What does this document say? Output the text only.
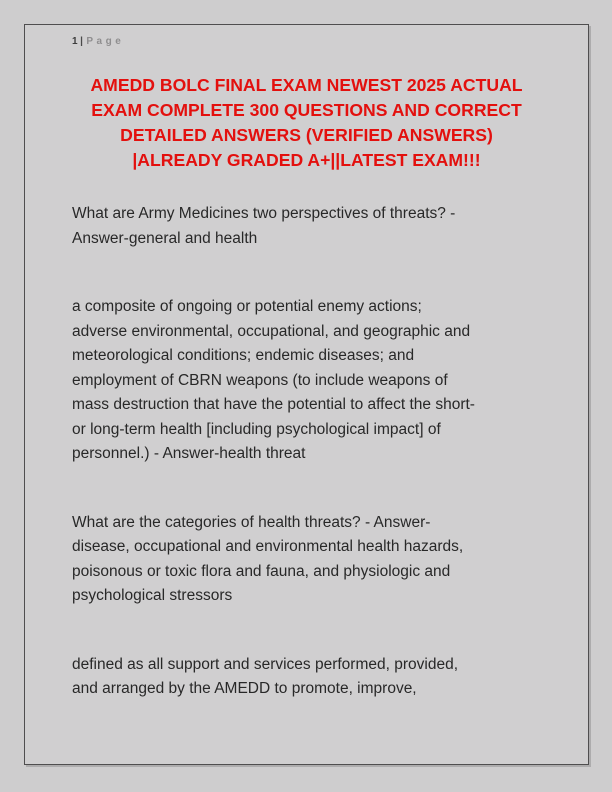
1 | Page
AMEDD BOLC FINAL EXAM NEWEST 2025 ACTUAL
EXAM COMPLETE 300 QUESTIONS AND CORRECT
DETAILED ANSWERS (VERIFIED ANSWERS)
|ALREADY GRADED A+||LATEST EXAM!!!

What are Army Medicines two perspectives of threats? -
Answer-general and health

a composite of ongoing or potential enemy actions;
adverse environmental, occupational, and geographic and
meteorological conditions; endemic diseases; and
employment of CBRN weapons (to include weapons of
mass destruction that have the potential to affect the short-
or long-term health [including psychological impact] of
personnel.) - Answer-health threat

What are the categories of health threats? - Answer-
disease, occupational and environmental health hazards,
poisonous or toxic flora and fauna, and physiologic and
psychological stressors

defined as all support and services performed, provided,
and arranged by the AMEDD to promote, improve,
